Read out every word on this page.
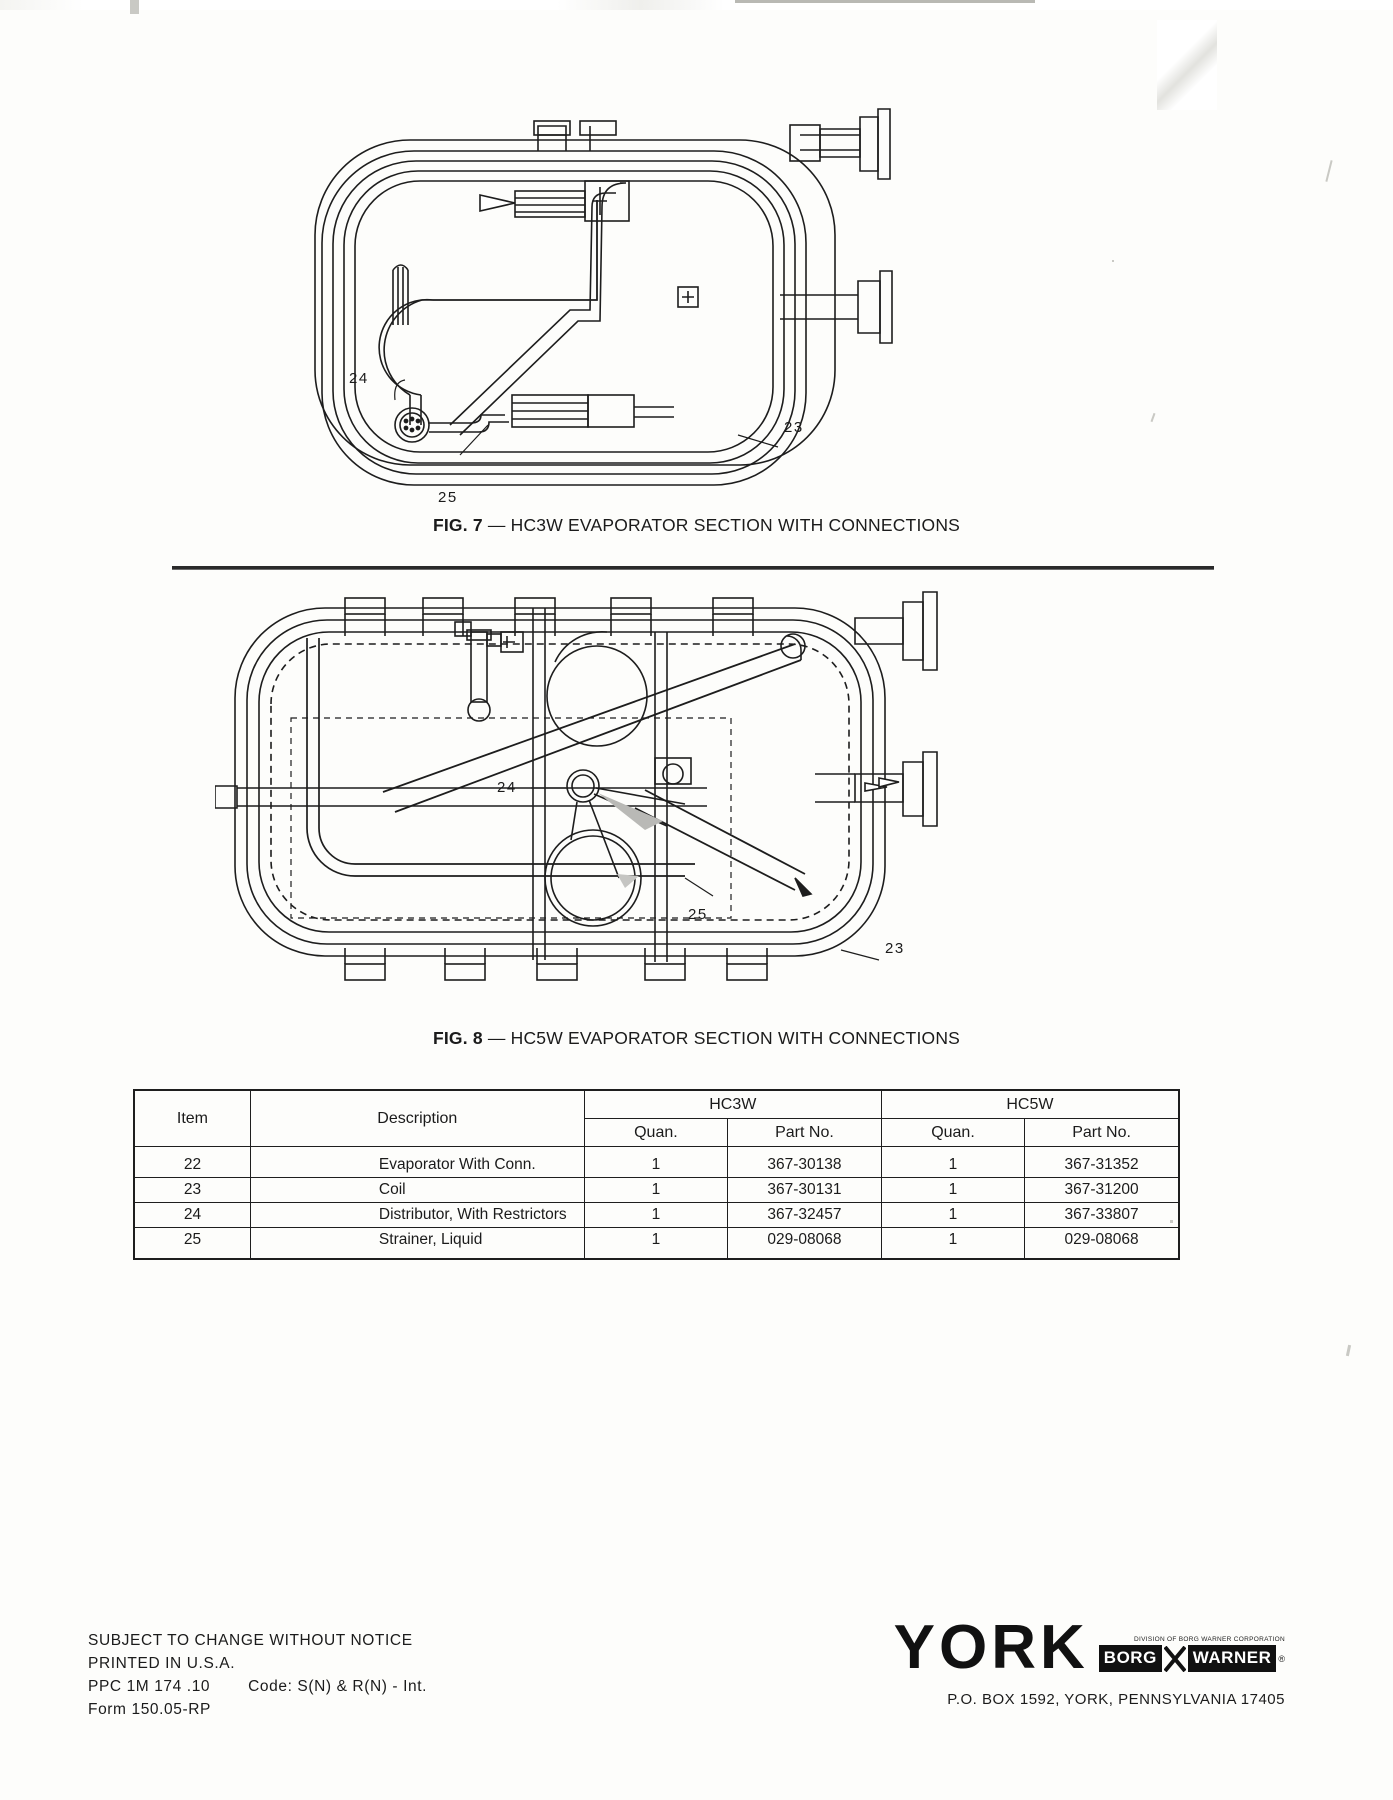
24
25
23
FIG. 7 — HC3W EVAPORATOR SECTION WITH CONNECTIONS
24
25
23
FIG. 8 — HC5W EVAPORATOR SECTION WITH CONNECTIONS
Item	Description	HC3W		HC5W	
		Quan.	Part No.	Quan.	Part No.
22	Evaporator With Conn.	1	367-30138	1	367-31352
23	Coil	1	367-30131	1	367-31200
24	Distributor, With Restrictors	1	367-32457	1	367-33807
25	Strainer, Liquid	1	029-08068	1	029-08068
SUBJECT TO CHANGE WITHOUT NOTICE
PRINTED IN U.S.A.
PPC 1M 174 .10 Code: S(N) & R(N) - Int.
Form 150.05-RP
YORK	DIVISION OF BORG WARNER CORPORATION
BORG WARNER ®
P.O. BOX 1592, YORK, PENNSYLVANIA 17405
